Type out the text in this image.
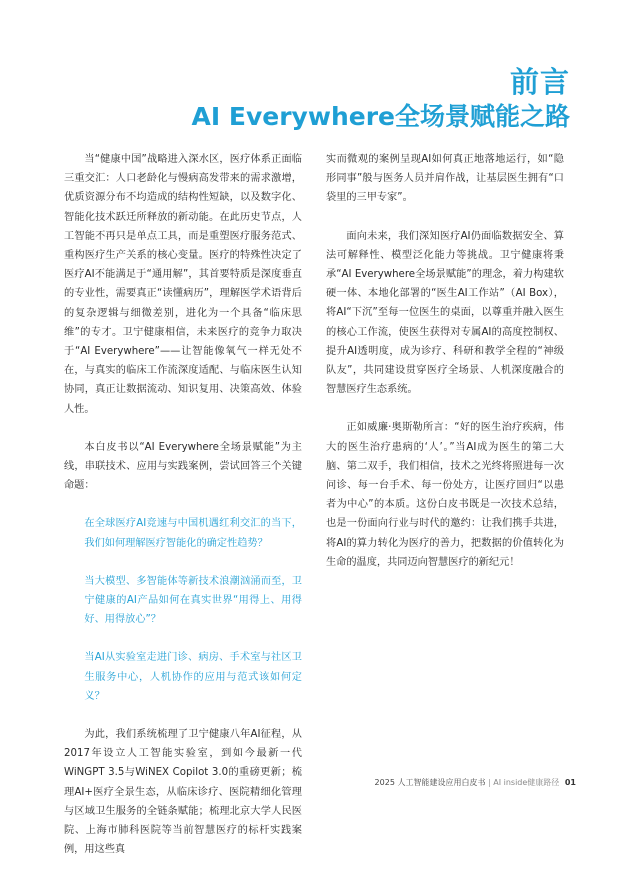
前言
AI Everywhere全场景赋能之路

当“健康中国”战略进入深水区，医疗体系正面临三重交汇：人口老龄化与慢病高发带来的需求激增，优质资源分布不均造成的结构性短缺，以及数字化、智能化技术跃迁所释放的新动能。在此历史节点，人工智能不再只是单点工具，而是重塑医疗服务范式、重构医疗生产关系的核心变量。医疗的特殊性决定了医疗AI不能满足于“通用解”，其首要特质是深度垂直的专业性，需要真正“读懂病历”，理解医学术语背后的复杂逻辑与细微差别，进化为一个具备“临床思维”的专才。卫宁健康相信，未来医疗的竞争力取决于“AI Everywhere”——让智能像氧气一样无处不在，与真实的临床工作流深度适配、与临床医生认知协同，真正让数据流动、知识复用、决策高效、体验人性。

本白皮书以“AI Everywhere全场景赋能”为主线，串联技术、应用与实践案例，尝试回答三个关键命题：

在全球医疗AI竞速与中国机遇红利交汇的当下，我们如何理解医疗智能化的确定性趋势？

当大模型、多智能体等新技术浪潮汹涌而至，卫宁健康的AI产品如何在真实世界“用得上、用得好、用得放心”？

当AI从实验室走进门诊、病房、手术室与社区卫生服务中心，人机协作的应用与范式该如何定义？

为此，我们系统梳理了卫宁健康八年AI征程，从2017年设立人工智能实验室，到如今最新一代WiNGPT 3.5与WiNEX Copilot 3.0的重磅更新；梳理AI+医疗全景生态，从临床诊疗、医院精细化管理与区域卫生服务的全链条赋能；梳理北京大学人民医院、上海市肺科医院等当前智慧医疗的标杆实践案例，用这些真

实而微观的案例呈现AI如何真正地落地运行，如“隐形同事”般与医务人员并肩作战，让基层医生拥有“口袋里的三甲专家”。

面向未来，我们深知医疗AI仍面临数据安全、算法可解释性、模型泛化能力等挑战。卫宁健康将秉承“AI Everywhere全场景赋能”的理念，着力构建软硬一体、本地化部署的“医生AI工作站”（AI Box），将AI“下沉”至每一位医生的桌面，以尊重并融入医生的核心工作流，使医生获得对专属AI的高度控制权、提升AI透明度，成为诊疗、科研和教学全程的“神级队友”，共同建设贯穿医疗全场景、人机深度融合的智慧医疗生态系统。

正如威廉·奥斯勒所言：“好的医生治疗疾病，伟大的医生治疗患病的‘人’。”当AI成为医生的第二大脑、第二双手，我们相信，技术之光终将照进每一次问诊、每一台手术、每一份处方，让医疗回归“以患者为中心”的本质。这份白皮书既是一次技术总结，也是一份面向行业与时代的邀约：让我们携手共进，将AI的算力转化为医疗的善力，把数据的价值转化为生命的温度，共同迈向智慧医疗的新纪元！

2025 人工智能建设应用白皮书 | AI inside健康路径 01
